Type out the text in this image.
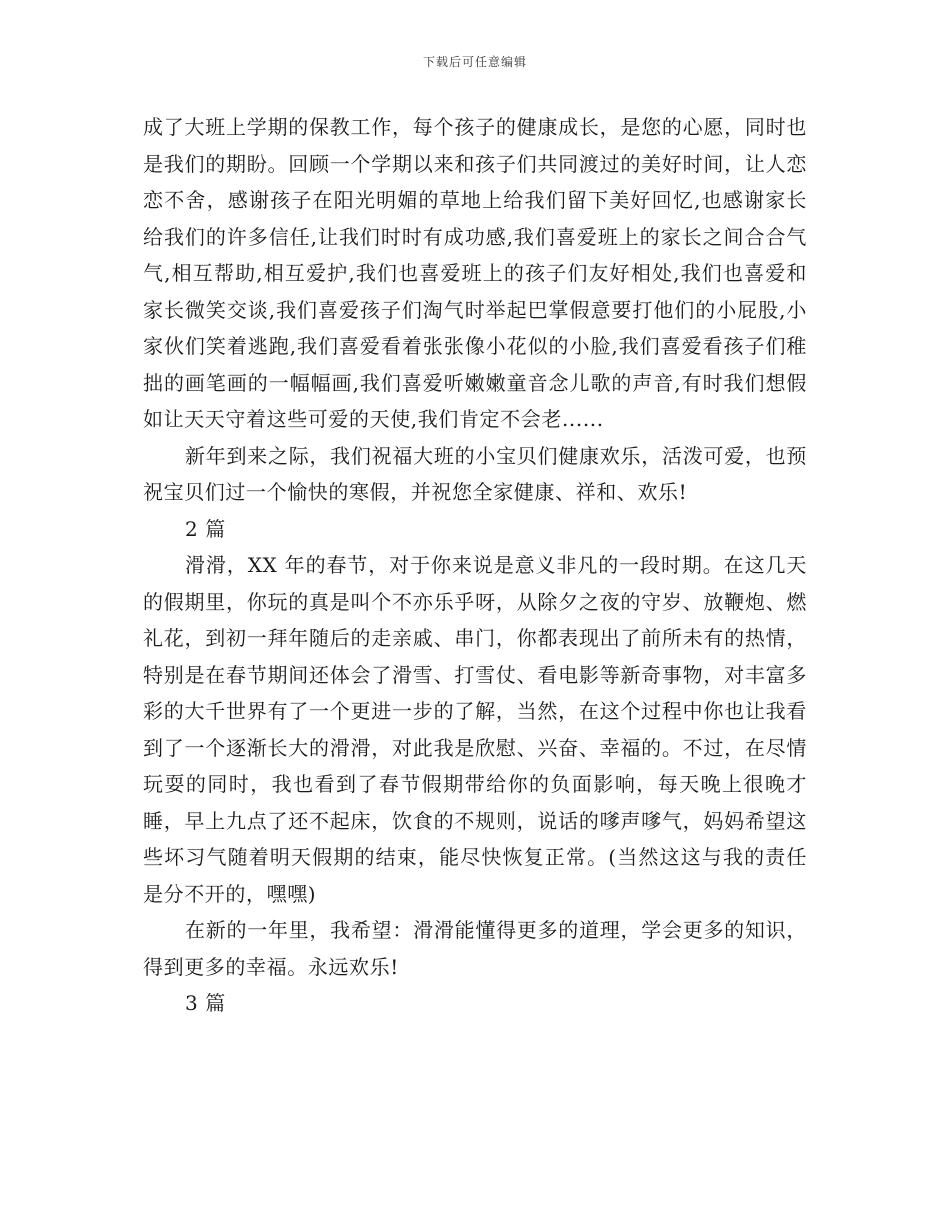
下载后可任意编辑

成了大班上学期的保教工作，每个孩子的健康成长，是您的心愿，同时也是我们的期盼。回顾一个学期以来和孩子们共同渡过的美好时间，让人恋恋不舍，感谢孩子在阳光明媚的草地上给我们留下美好回忆,也感谢家长给我们的许多信任,让我们时时有成功感,我们喜爱班上的家长之间合合气气,相互帮助,相互爱护,我们也喜爱班上的孩子们友好相处,我们也喜爱和家长微笑交谈,我们喜爱孩子们淘气时举起巴掌假意要打他们的小屁股,小家伙们笑着逃跑,我们喜爱看着张张像小花似的小脸,我们喜爱看孩子们稚拙的画笔画的一幅幅画,我们喜爱听嫩嫩童音念儿歌的声音,有时我们想假如让天天守着这些可爱的天使,我们肯定不会老......

新年到来之际，我们祝福大班的小宝贝们健康欢乐，活泼可爱，也预祝宝贝们过一个愉快的寒假，并祝您全家健康、祥和、欢乐!

2 篇

滑滑，XX 年的春节，对于你来说是意义非凡的一段时期。在这几天的假期里，你玩的真是叫个不亦乐乎呀，从除夕之夜的守岁、放鞭炮、燃礼花，到初一拜年随后的走亲戚、串门，你都表现出了前所未有的热情，特别是在春节期间还体会了滑雪、打雪仗、看电影等新奇事物，对丰富多彩的大千世界有了一个更进一步的了解，当然，在这个过程中你也让我看到了一个逐渐长大的滑滑，对此我是欣慰、兴奋、幸福的。不过，在尽情玩耍的同时，我也看到了春节假期带给你的负面影响，每天晚上很晚才睡，早上九点了还不起床，饮食的不规则，说话的嗲声嗲气，妈妈希望这些坏习气随着明天假期的结束，能尽快恢复正常。(当然这这与我的责任是分不开的，嘿嘿)

在新的一年里，我希望：滑滑能懂得更多的道理，学会更多的知识，得到更多的幸福。永远欢乐!

3 篇
